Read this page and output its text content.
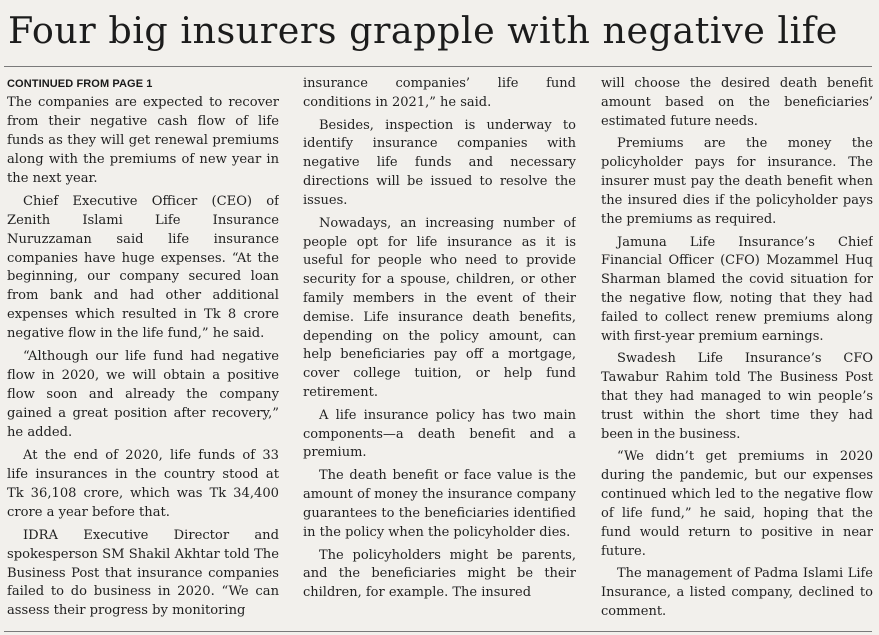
Four big insurers grapple with negative life
CONTINUED FROM PAGE 1

The companies are expected to recover from their negative cash flow of life funds as they will get renewal premiums along with the premiums of new year in the next year.

Chief Executive Officer (CEO) of Zenith Islami Life Insurance Nuruzzaman said life insurance companies have huge expenses. “At the beginning, our company secured loan from bank and had other additional expenses which resulted in Tk 8 crore negative flow in the life fund,” he said.

“Although our life fund had negative flow in 2020, we will obtain a positive flow soon and already the company gained a great position after recovery,” he added.

At the end of 2020, life funds of 33 life insurances in the country stood at Tk 36,108 crore, which was Tk 34,400 crore a year before that.

IDRA Executive Director and spokesperson SM Shakil Akhtar told The Business Post that insurance companies failed to do business in 2020. “We can assess their progress by monitoring

insurance companies’ life fund conditions in 2021,” he said.

Besides, inspection is underway to identify insurance companies with negative life funds and necessary directions will be issued to resolve the issues.

Nowadays, an increasing number of people opt for life insurance as it is useful for people who need to provide security for a spouse, children, or other family members in the event of their demise. Life insurance death benefits, depending on the policy amount, can help beneficiaries pay off a mortgage, cover college tuition, or help fund retirement.

A life insurance policy has two main components—a death benefit and a premium.

The death benefit or face value is the amount of money the insurance company guarantees to the beneficiaries identified in the policy when the policyholder dies.

The policyholders might be parents, and the beneficiaries might be their children, for example. The insured

will choose the desired death benefit amount based on the beneficiaries’ estimated future needs.

Premiums are the money the policyholder pays for insurance. The insurer must pay the death benefit when the insured dies if the policyholder pays the premiums as required.

Jamuna Life Insurance’s Chief Financial Officer (CFO) Mozammel Huq Sharman blamed the covid situation for the negative flow, noting that they had failed to collect renew premiums along with first-year premium earnings.

Swadesh Life Insurance’s CFO Tawabur Rahim told The Business Post that they had managed to win people’s trust within the short time they had been in the business.

“We didn’t get premiums in 2020 during the pandemic, but our expenses continued which led to the negative flow of life fund,” he said, hoping that the fund would return to positive in near future.

The management of Padma Islami Life Insurance, a listed company, declined to comment.
